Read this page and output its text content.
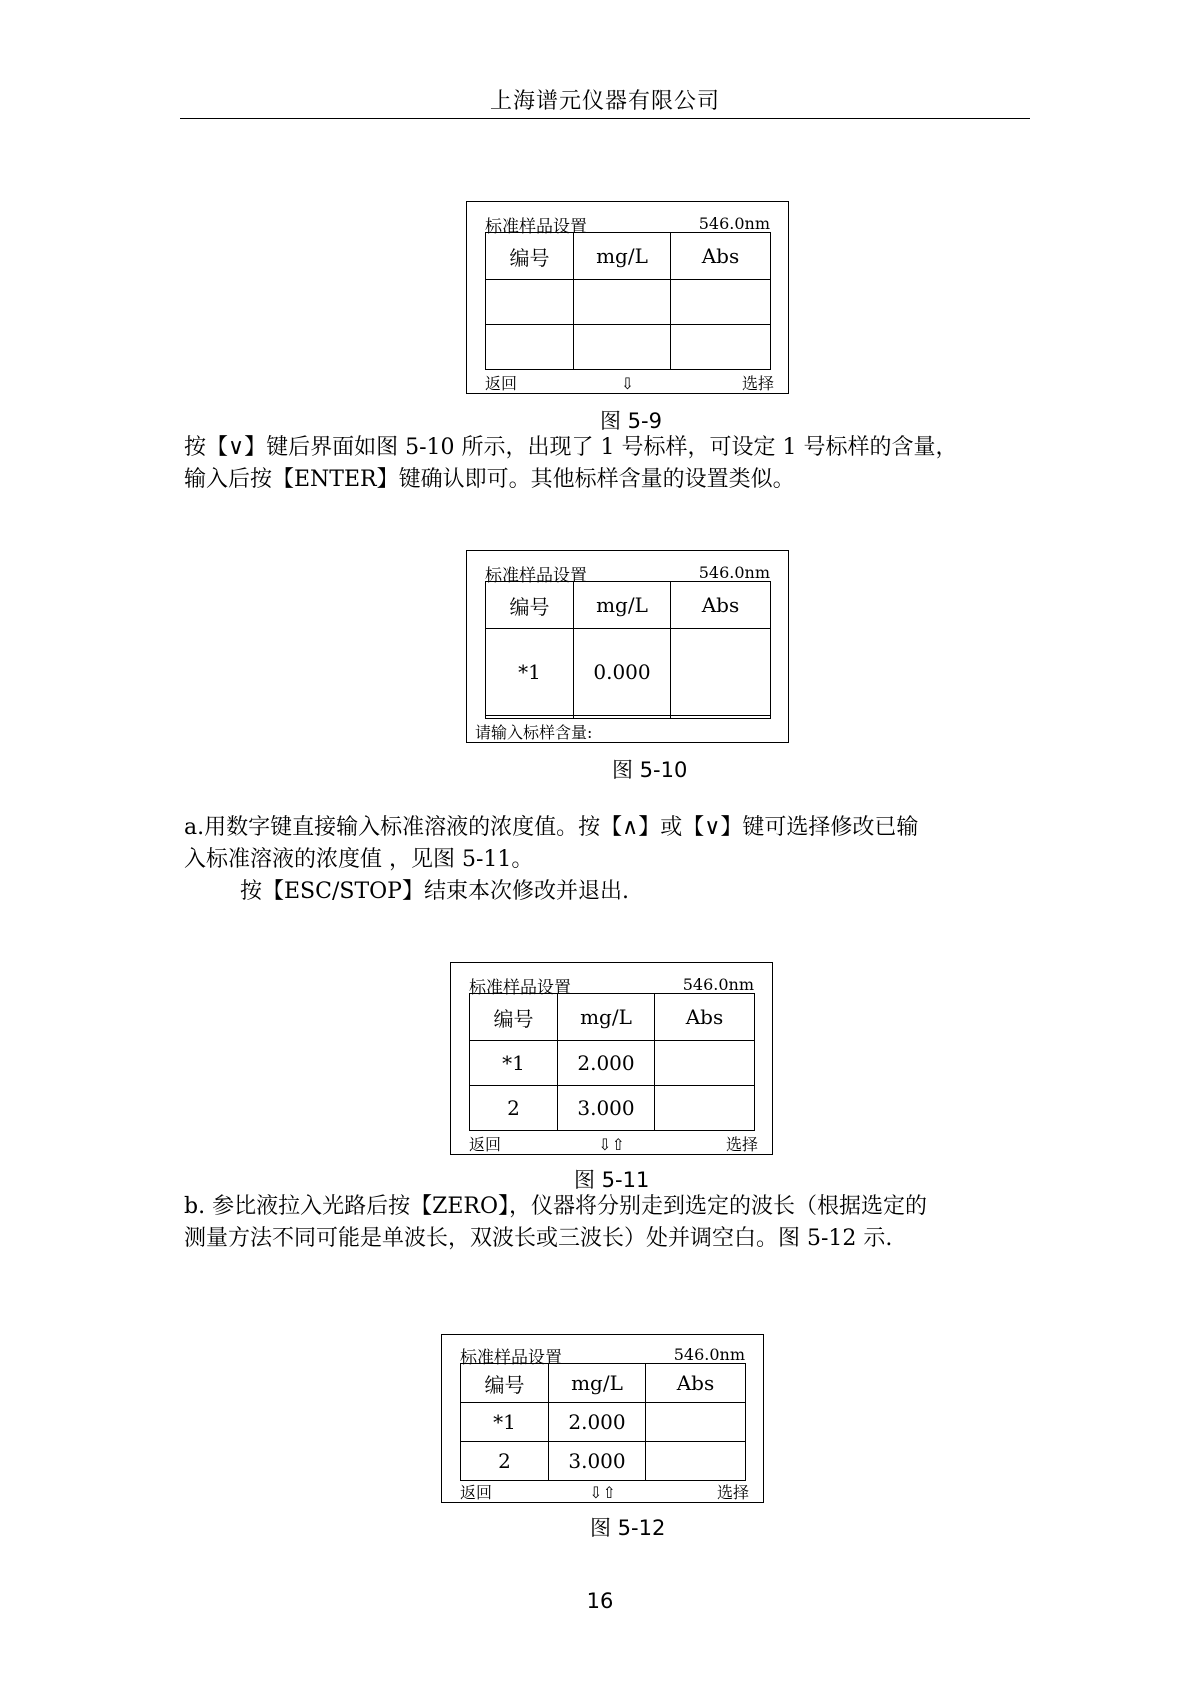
上海谱元仪器有限公司
标准样品设置	546.0nm
编号	mg/L	Abs

返回	⇩	选择
图 5-9
按【∨】键后界面如图 5-10 所示，出现了 1 号标样，可设定 1 号标样的含量，
输入后按【ENTER】键确认即可。其他标样含量的设置类似。
标准样品设置	546.0nm
编号	mg/L	Abs
*1	0.000	

请输入标样含量:
图 5-10
a.用数字键直接输入标准溶液的浓度值。按【∧】或【∨】键可选择修改已输
入标准溶液的浓度值 ，见图 5-11。
按【ESC/STOP】结束本次修改并退出.
标准样品设置	546.0nm
编号	mg/L	Abs
*1	2.000	
2	3.000	
返回	⇩⇧	选择
图 5-11
b. 参比液拉入光路后按【ZERO】，仪器将分别走到选定的波长（根据选定的
测量方法不同可能是单波长，双波长或三波长）处并调空白。图 5-12 示.
标准样品设置	546.0nm
编号	mg/L	Abs
*1	2.000	
2	3.000	
返回	⇩⇧	选择
图 5-12
16
